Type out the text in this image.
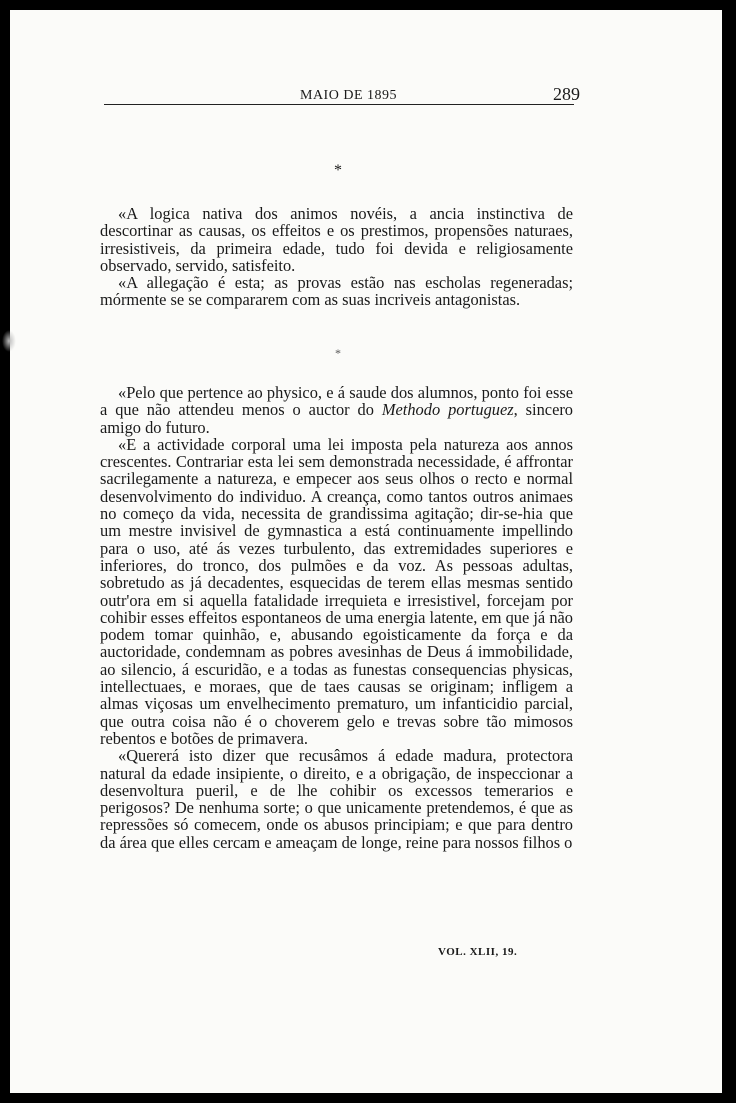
MAIO DE 1895	289
*

«A logica nativa dos animos novéis, a ancia instinctiva de descortinar as causas, os effeitos e os prestimos, propensões naturaes, irresistiveis, da primeira edade, tudo foi devida e religiosamente observado, servido, satisfeito.

«A allegação é esta; as provas estão nas escholas regeneradas; mórmente se se compararem com as suas incriveis antagonistas.

*

«Pelo que pertence ao physico, e á saude dos alumnos, ponto foi esse a que não attendeu menos o auctor do Methodo portuguez, sincero amigo do futuro.

«E a actividade corporal uma lei imposta pela natureza aos annos crescentes. Contrariar esta lei sem demonstrada necessidade, é affrontar sacrilegamente a natureza, e empecer aos seus olhos o recto e normal desenvolvimento do individuo. A creança, como tantos outros animaes no começo da vida, necessita de grandissima agitação; dir-se-hia que um mestre invisivel de gymnastica a está continuamente impellindo para o uso, até ás vezes turbulento, das extremidades superiores e inferiores, do tronco, dos pulmões e da voz. As pessoas adultas, sobretudo as já decadentes, esquecidas de terem ellas mesmas sentido outr'ora em si aquella fatalidade irrequieta e irresistivel, forcejam por cohibir esses effeitos espontaneos de uma energia latente, em que já não podem tomar quinhão, e, abusando egoisticamente da força e da auctoridade, condemnam as pobres avesinhas de Deus á immobilidade, ao silencio, á escuridão, e a todas as funestas consequencias physicas, intellectuaes, e moraes, que de taes causas se originam; infligem a almas viçosas um envelhecimento prematuro, um infanticidio parcial, que outra coisa não é o choverem gelo e trevas sobre tão mimosos rebentos e botões de primavera.

«Quererá isto dizer que recusâmos á edade madura, protectora natural da edade insipiente, o direito, e a obrigação, de inspeccionar a desenvoltura pueril, e de lhe cohibir os excessos temerarios e perigosos? De nenhuma sorte; o que unicamente pretendemos, é que as repressões só comecem, onde os abusos principiam; e que para dentro da área que elles cercam e ameaçam de longe, reine para nossos filhos o

VOL. XLII, 19.
